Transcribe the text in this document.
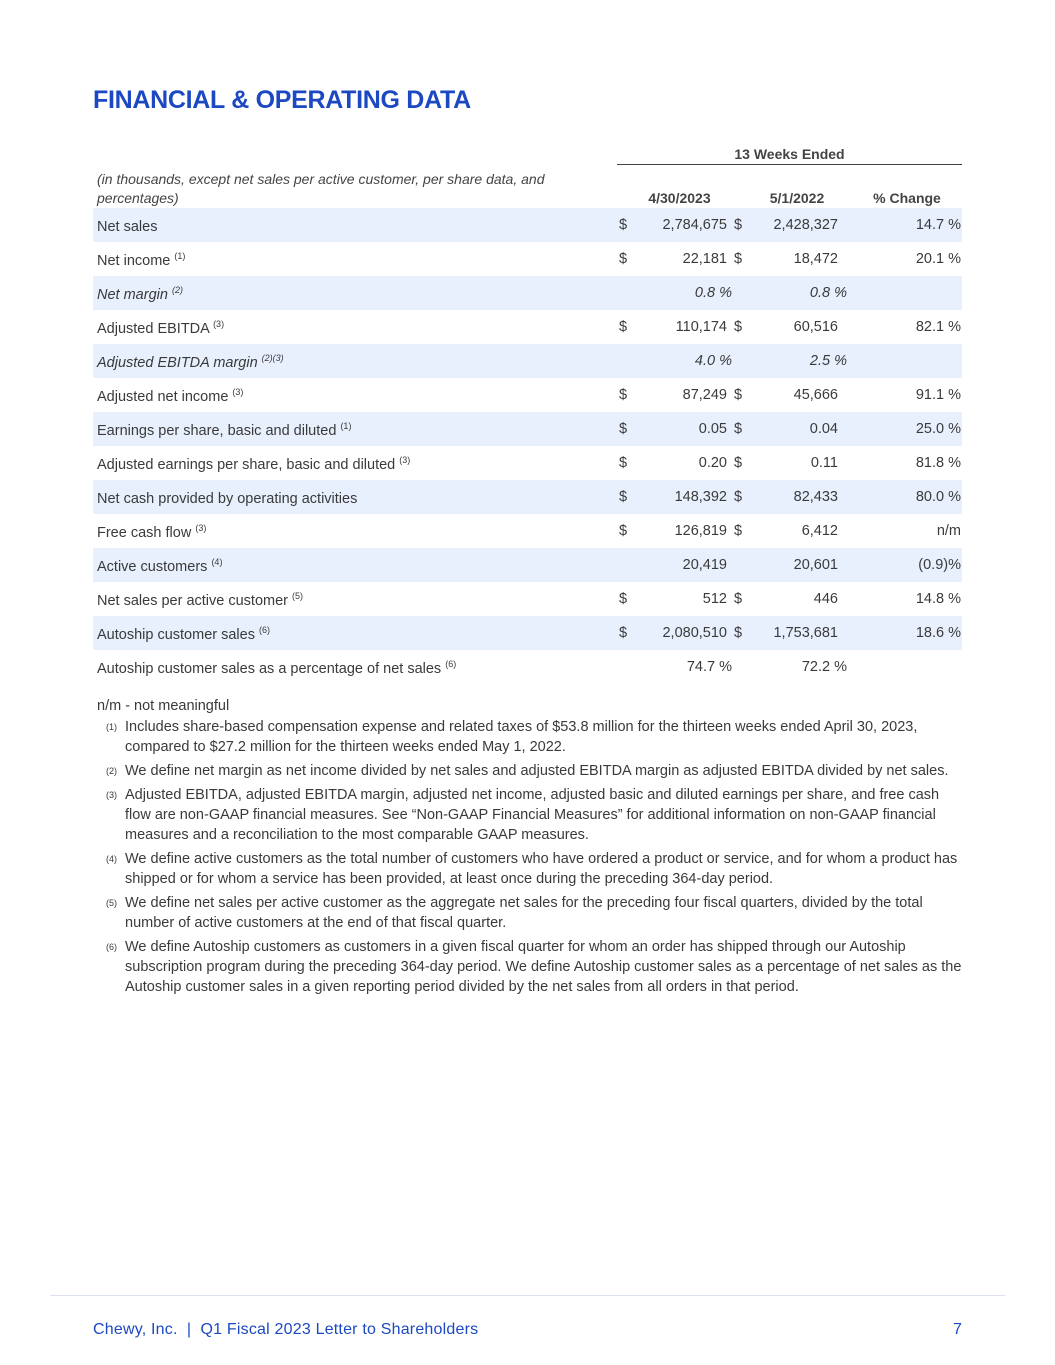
FINANCIAL & OPERATING DATA
13 Weeks Ended
(in thousands, except net sales per active customer, per share data, and percentages)	4/30/2023	5/1/2022	% Change
Net sales	$ 2,784,675 $ 2,428,327	14.7 %
Net income $^{(1)}$	$	22,181 $	18,472	20.1 %
Net margin $^{(2)}$	0.8 %	0.8 %
Adjusted EBITDA $^{(3)}$	$	110,174 $	60,516	82.1 %
Adjusted EBITDA margin $^{(2)(3)}$	4.0 %	2.5 %
Adjusted net income $^{(3)}$	$	87,249 $	45,666	91.1 %
Earnings per share, basic and diluted $^{(1)}$	$	0.05 $	0.04	25.0 %
Adjusted earnings per share, basic and diluted $^{(3)}$	$	0.20 $	0.11	81.8 %
Net cash provided by operating activities	$	148,392 $	82,433	80.0 %
Free cash flow $^{(3)}$	$	126,819 $	6,412	n/m
Active customers $^{(4)}$	20,419	20,601	(0.9)%
Net sales per active customer $^{(5)}$	$	512 $	446	14.8 %
Autoship customer sales $^{(6)}$	$ 2,080,510 $ 1,753,681	18.6 %
Autoship customer sales as a percentage of net sales $^{(6)}$	74.7 %	72.2 %
n/m - not meaningful
(1) Includes share-based compensation expense and related taxes of $53.8 million for the thirteen weeks ended April 30, 2023, compared to $27.2 million for the thirteen weeks ended May 1, 2022.
(2) We define net margin as net income divided by net sales and adjusted EBITDA margin as adjusted EBITDA divided by net sales.
(3) Adjusted EBITDA, adjusted EBITDA margin, adjusted net income, adjusted basic and diluted earnings per share, and free cash flow are non-GAAP financial measures. See “Non-GAAP Financial Measures” for additional information on non-GAAP financial measures and a reconciliation to the most comparable GAAP measures.
(4) We define active customers as the total number of customers who have ordered a product or service, and for whom a product has shipped or for whom a service has been provided, at least once during the preceding 364-day period.
(5) We define net sales per active customer as the aggregate net sales for the preceding four fiscal quarters, divided by the total number of active customers at the end of that fiscal quarter.
(6) We define Autoship customers as customers in a given fiscal quarter for whom an order has shipped through our Autoship subscription program during the preceding 364-day period. We define Autoship customer sales as a percentage of net sales as the Autoship customer sales in a given reporting period divided by the net sales from all orders in that period.
Chewy, Inc.  |  Q1 Fiscal 2023 Letter to Shareholders	7
